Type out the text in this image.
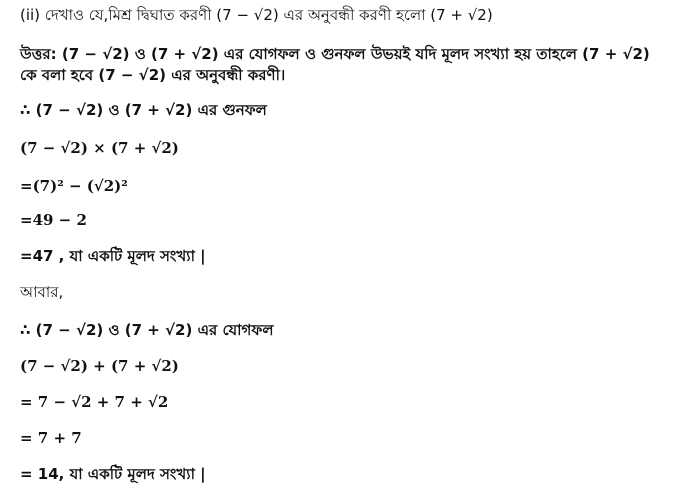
(ii) দেখাও যে,মিশ্র দ্বিঘাত করণী (7 − √2) এর অনুবন্ধী করণী হলো (7 + √2)
উত্তর: (7 − √2) ও (7 + √2) এর যোগফল ও গুনফল উভয়ই যদি মূলদ সংখ্যা হয় তাহলে (7 + √2)
কে বলা হবে (7 − √2) এর অনুবন্ধী করণী।
∴ (7 − √2) ও (7 + √2) এর গুনফল
(7 − √2) × (7 + √2)
=(7)² − (√2)²
=49 − 2
=47 , যা একটি মূলদ সংখ্যা |
আবার,
∴ (7 − √2) ও (7 + √2) এর যোগফল
(7 − √2) + (7 + √2)
= 7 − √2 + 7 + √2
= 7 + 7
= 14, যা একটি মূলদ সংখ্যা |
